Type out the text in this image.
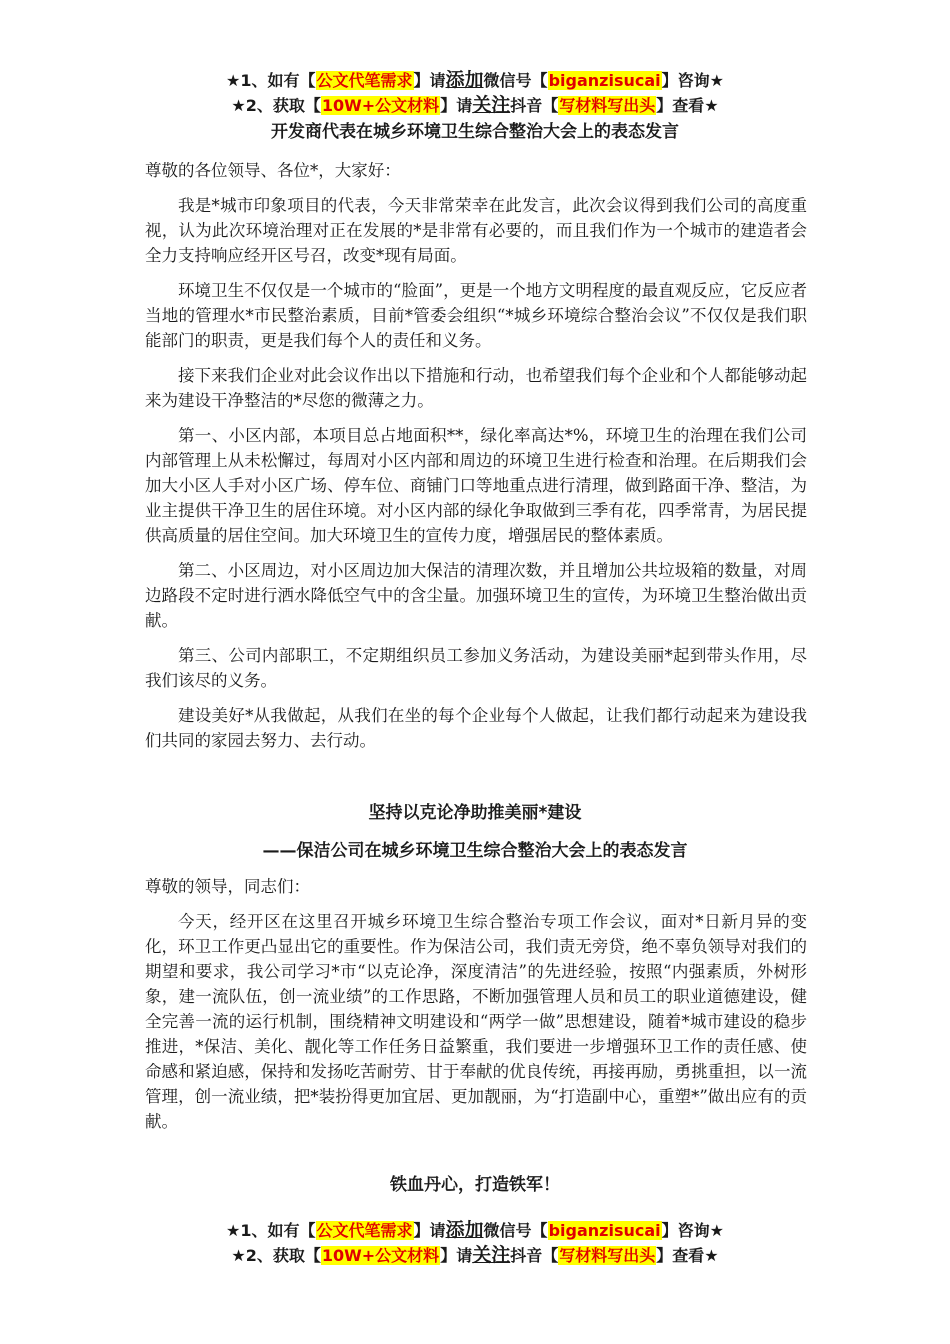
★1、如有【公文代笔需求】请添加微信号【biganzisucai】咨询★
★2、获取【10W+公文材料】请关注抖音【写材料写出头】查看★
开发商代表在城乡环境卫生综合整治大会上的表态发言

尊敬的各位领导、各位*，大家好：

我是*城市印象项目的代表，今天非常荣幸在此发言，此次会议得到我们公司的高度重视，认为此次环境治理对正在发展的*是非常有必要的，而且我们作为一个城市的建造者会全力支持响应经开区号召，改变*现有局面。

环境卫生不仅仅是一个城市的“脸面”，更是一个地方文明程度的最直观反应，它反应者当地的管理水*市民整治素质，目前*管委会组织“*城乡环境综合整治会议”不仅仅是我们职能部门的职责，更是我们每个人的责任和义务。

接下来我们企业对此会议作出以下措施和行动，也希望我们每个企业和个人都能够动起来为建设干净整洁的*尽您的微薄之力。

第一、小区内部，本项目总占地面积**，绿化率高达*%，环境卫生的治理在我们公司内部管理上从未松懈过，每周对小区内部和周边的环境卫生进行检查和治理。在后期我们会加大小区人手对小区广场、停车位、商铺门口等地重点进行清理，做到路面干净、整洁，为业主提供干净卫生的居住环境。对小区内部的绿化争取做到三季有花，四季常青，为居民提供高质量的居住空间。加大环境卫生的宣传力度，增强居民的整体素质。

第二、小区周边，对小区周边加大保洁的清理次数，并且增加公共垃圾箱的数量，对周边路段不定时进行洒水降低空气中的含尘量。加强环境卫生的宣传，为环境卫生整治做出贡献。

第三、公司内部职工，不定期组织员工参加义务活动，为建设美丽*起到带头作用，尽我们该尽的义务。

建设美好*从我做起，从我们在坐的每个企业每个人做起，让我们都行动起来为建设我们共同的家园去努力、去行动。

坚持以克论净助推美丽*建设
——保洁公司在城乡环境卫生综合整治大会上的表态发言

尊敬的领导，同志们：

今天，经开区在这里召开城乡环境卫生综合整治专项工作会议，面对*日新月异的变化，环卫工作更凸显出它的重要性。作为保洁公司，我们责无旁贷，绝不辜负领导对我们的期望和要求，我公司学习*市“以克论净，深度清洁”的先进经验，按照“内强素质，外树形象，建一流队伍，创一流业绩”的工作思路，不断加强管理人员和员工的职业道德建设，健全完善一流的运行机制，围绕精神文明建设和“两学一做”思想建设，随着*城市建设的稳步推进，*保洁、美化、靓化等工作任务日益繁重，我们要进一步增强环卫工作的责任感、使命感和紧迫感，保持和发扬吃苦耐劳、甘于奉献的优良传统，再接再励，勇挑重担，以一流管理，创一流业绩，把*装扮得更加宜居、更加靓丽，为“打造副中心，重塑*”做出应有的贡献。

铁血丹心，打造铁军！
★1、如有【公文代笔需求】请添加微信号【biganzisucai】咨询★
★2、获取【10W+公文材料】请关注抖音【写材料写出头】查看★
